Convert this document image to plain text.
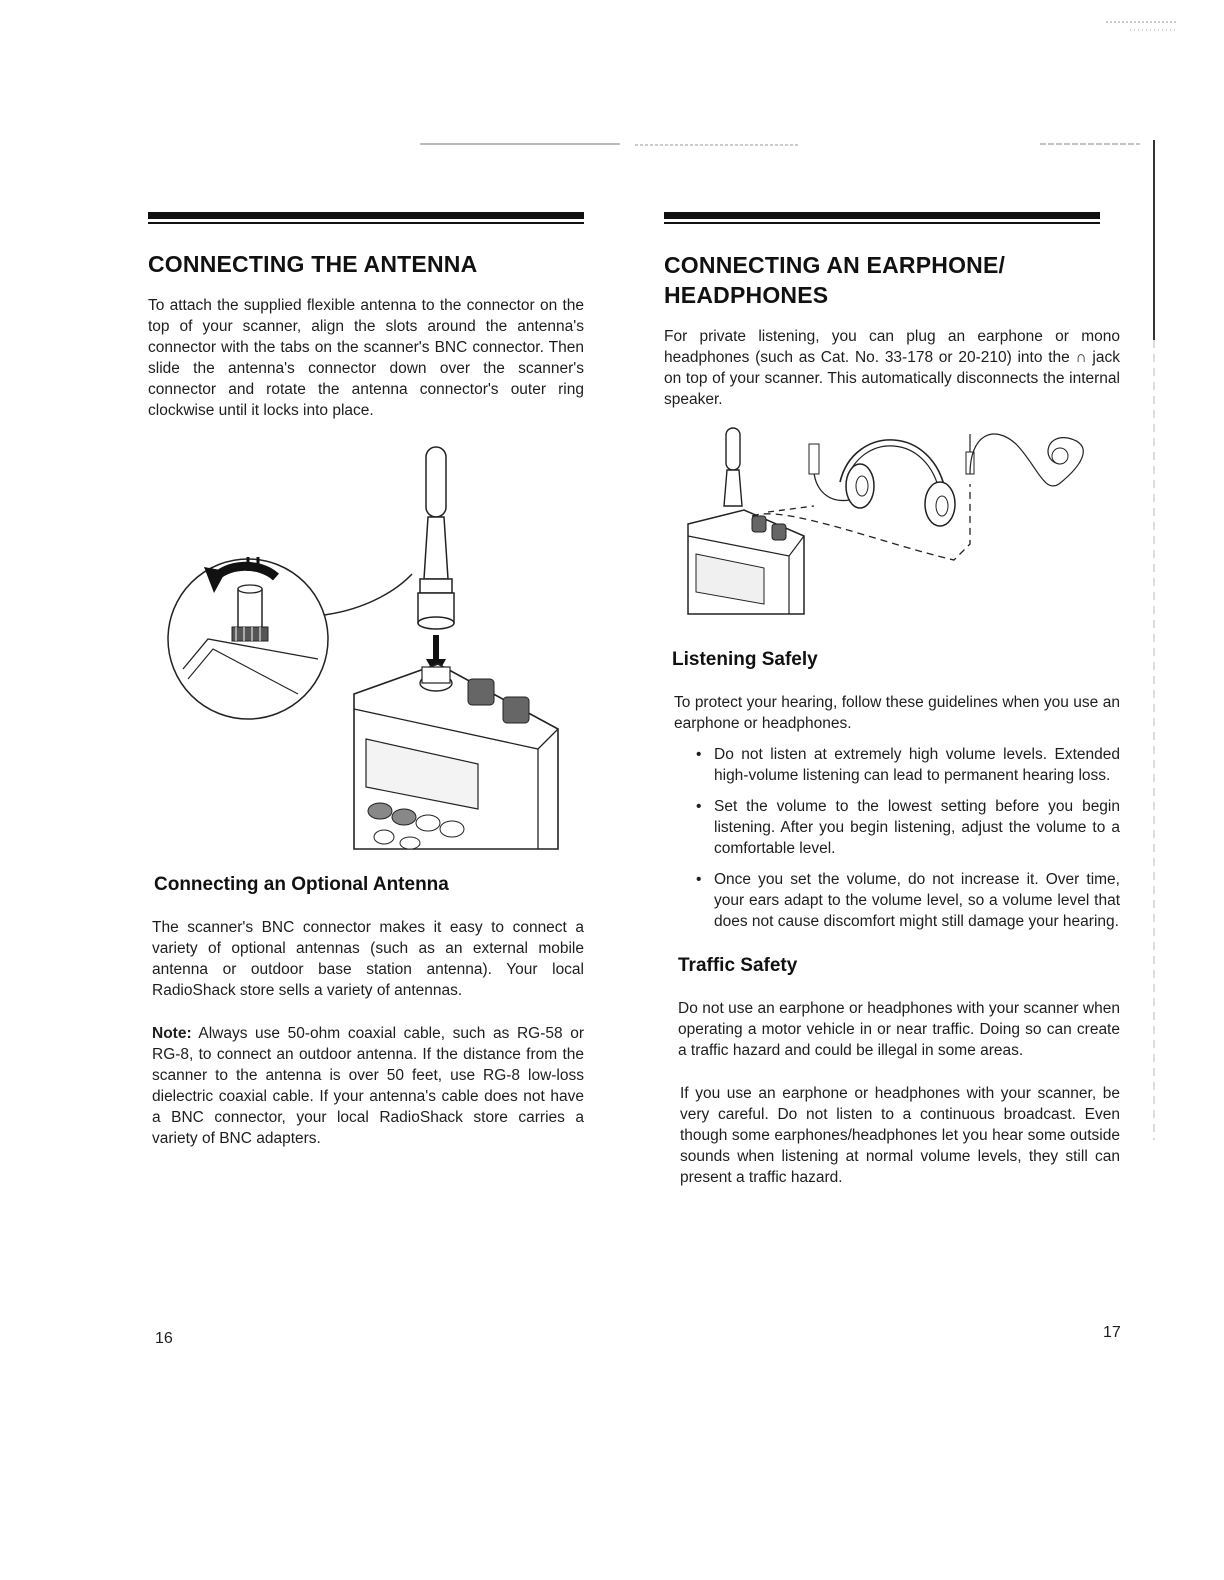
CONNECTING THE ANTENNA

To attach the supplied flexible antenna to the connector on the top of your scanner, align the slots around the antenna's connector with the tabs on the scanner's BNC connector. Then slide the antenna's connector down over the scanner's connector and rotate the antenna connector's outer ring clockwise until it locks into place.

Connecting an Optional Antenna

The scanner's BNC connector makes it easy to connect a variety of optional antennas (such as an external mobile antenna or outdoor base station antenna). Your local RadioShack store sells a variety of antennas.

Note: Always use 50-ohm coaxial cable, such as RG-58 or RG-8, to connect an outdoor antenna. If the distance from the scanner to the antenna is over 50 feet, use RG-8 low-loss dielectric coaxial cable. If your antenna's cable does not have a BNC connector, your local RadioShack store carries a variety of BNC adapters.

16
CONNECTING AN EARPHONE/
HEADPHONES

For private listening, you can plug an earphone or mono headphones (such as Cat. No. 33-178 or 20-210) into the ∩ jack on top of your scanner. This automatically disconnects the internal speaker.

Listening Safely

To protect your hearing, follow these guidelines when you use an earphone or headphones.

• Do not listen at extremely high volume levels. Extended high-volume listening can lead to permanent hearing loss.
• Set the volume to the lowest setting before you begin listening. After you begin listening, adjust the volume to a comfortable level.
• Once you set the volume, do not increase it. Over time, your ears adapt to the volume level, so a volume level that does not cause discomfort might still damage your hearing.
Traffic Safety

Do not use an earphone or headphones with your scanner when operating a motor vehicle in or near traffic. Doing so can create a traffic hazard and could be illegal in some areas.

If you use an earphone or headphones with your scanner, be very careful. Do not listen to a continuous broadcast. Even though some earphones/headphones let you hear some outside sounds when listening at normal volume levels, they still can present a traffic hazard.

17
